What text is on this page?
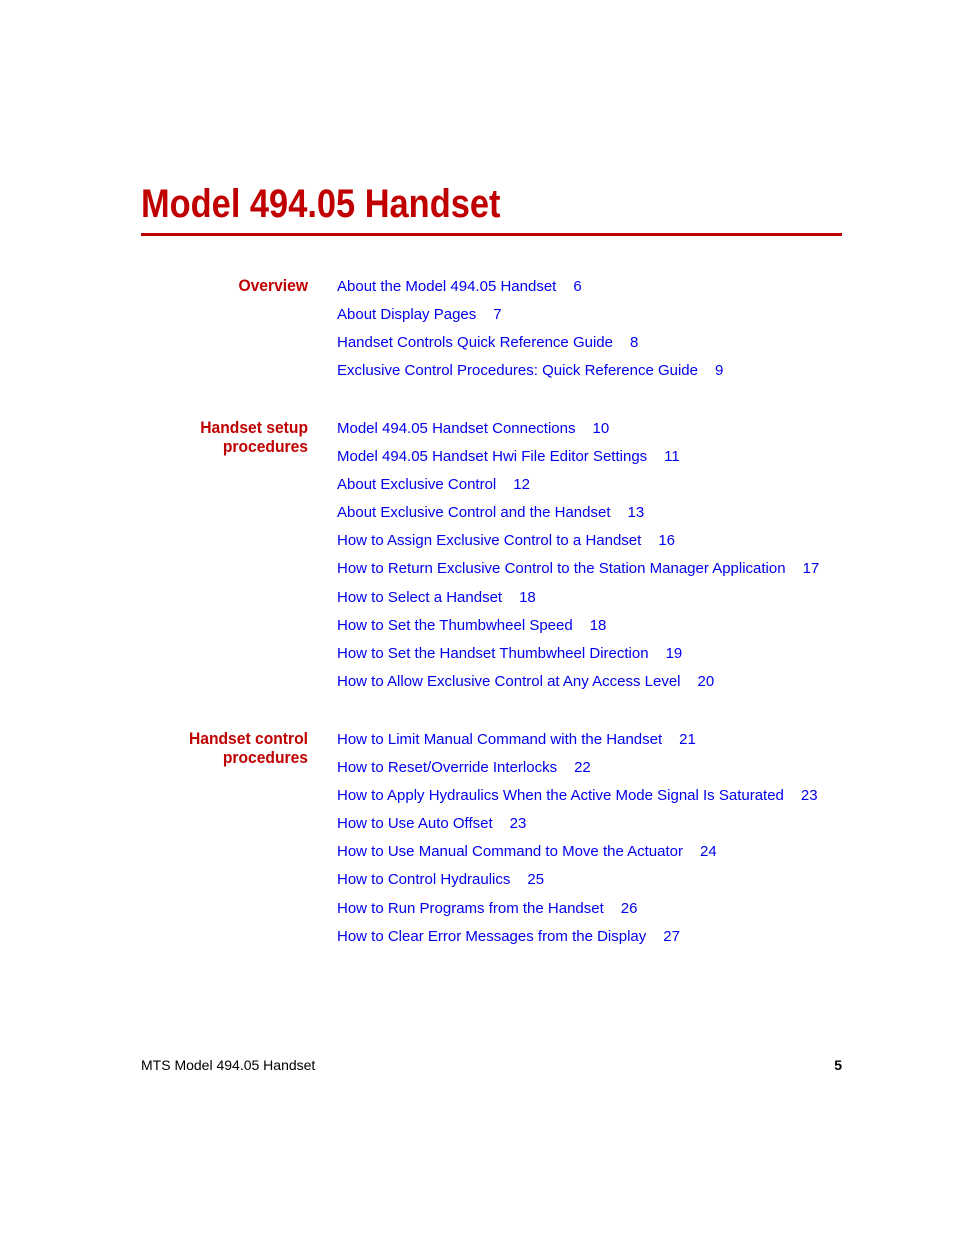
Model 494.05 Handset
Overview About the Model 494.05 Handset 6
About Display Pages 7
Handset Controls Quick Reference Guide 8
Exclusive Control Procedures: Quick Reference Guide 9
Handset setup
procedures
Model 494.05 Handset Connections 10
Model 494.05 Handset Hwi File Editor Settings 11
About Exclusive Control 12
About Exclusive Control and the Handset 13
How to Assign Exclusive Control to a Handset 16
How to Return Exclusive Control to the Station Manager Application 17
How to Select a Handset 18
How to Set the Thumbwheel Speed 18
How to Set the Handset Thumbwheel Direction 19
How to Allow Exclusive Control at Any Access Level 20
Handset control
procedures
How to Limit Manual Command with the Handset 21
How to Reset/Override Interlocks 22
How to Apply Hydraulics When the Active Mode Signal Is Saturated 23
How to Use Auto Offset 23
How to Use Manual Command to Move the Actuator 24
How to Control Hydraulics 25
How to Run Programs from the Handset 26
How to Clear Error Messages from the Display 27
MTS Model 494.05 Handset	5
